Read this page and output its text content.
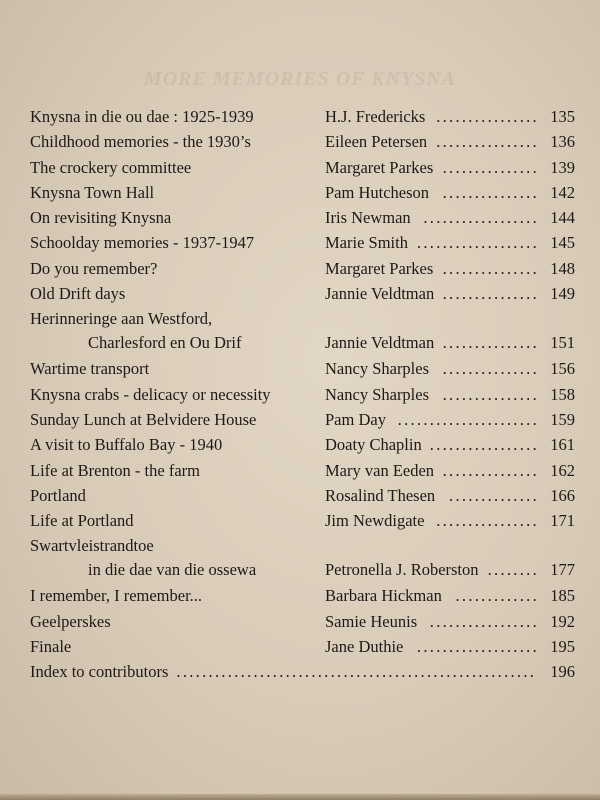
MORE MEMORIES OF KNYSNA
Knysna in die ou dae : 1925-1939	H.J. Fredericks ................ 135
Childhood memories - the 1930’s	Eileen Petersen ................ 136
The crockery committee	Margaret Parkes ............... 139
Knysna Town Hall	Pam Hutcheson ............... 142
On revisiting Knysna	Iris Newman .................. 144
Schoolday memories - 1937-1947	Marie Smith ................... 145
Do you remember?	Margaret Parkes ............... 148
Old Drift days	Jannie Veldtman ............... 149
Herinneringe aan Westford,
Charlesford en Ou Drif	Jannie Veldtman ............... 151
Wartime transport	Nancy Sharples ............... 156
Knysna crabs - delicacy or necessity	Nancy Sharples ............... 158
Sunday Lunch at Belvidere House	Pam Day ...................... 159
A visit to Buffalo Bay - 1940	Doaty Chaplin ................. 161
Life at Brenton - the farm	Mary van Eeden ............... 162
Portland	Rosalind Thesen .............. 166
Life at Portland	Jim Newdigate ................ 171
Swartvleistrandtoe
in die dae van die ossewa	Petronella J. Roberston ........ 177
I remember, I remember...	Barbara Hickman ............. 185
Geelperskes	Samie Heunis ................. 192
Finale	Jane Duthie ................... 195
Index to contributors ........................................................ 196
